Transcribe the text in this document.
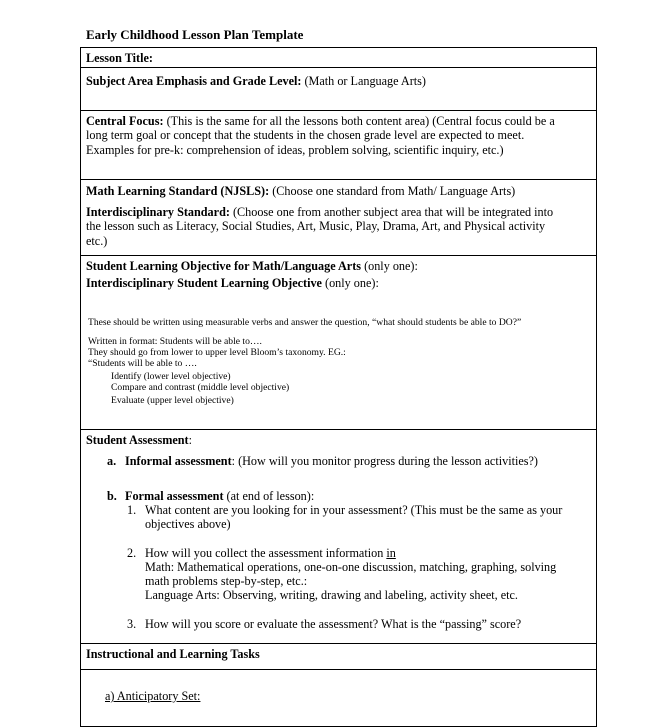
Early Childhood Lesson Plan Template
Lesson Title:
Subject Area Emphasis and Grade Level: (Math or Language Arts)
Central Focus: (This is the same for all the lessons both content area) (Central focus could be a
long term goal or concept that the students in the chosen grade level are expected to meet.
Examples for pre-k: comprehension of ideas, problem solving, scientific inquiry, etc.)
Math Learning Standard (NJSLS): (Choose one standard from Math/ Language Arts)
Interdisciplinary Standard: (Choose one from another subject area that will be integrated into
the lesson such as Literacy, Social Studies, Art, Music, Play, Drama, Art, and Physical activity
etc.)
Student Learning Objective for Math/Language Arts (only one):
Interdisciplinary Student Learning Objective (only one):
These should be written using measurable verbs and answer the question, “what should students be able to DO?”
Written in format: Students will be able to….
They should go from lower to upper level Bloom’s taxonomy. EG.:
“Students will be able to ….
Identify (lower level objective)
Compare and contrast (middle level objective)
Evaluate (upper level objective)
Student Assessment:
a. Informal assessment: (How will you monitor progress during the lesson activities?)
b. Formal assessment (at end of lesson):
1. What content are you looking for in your assessment? (This must be the same as your
objectives above)
2. How will you collect the assessment information in
Math: Mathematical operations, one-on-one discussion, matching, graphing, solving
math problems step-by-step, etc.:
Language Arts: Observing, writing, drawing and labeling, activity sheet, etc.
3. How will you score or evaluate the assessment? What is the “passing” score?
Instructional and Learning Tasks
a) Anticipatory Set:
